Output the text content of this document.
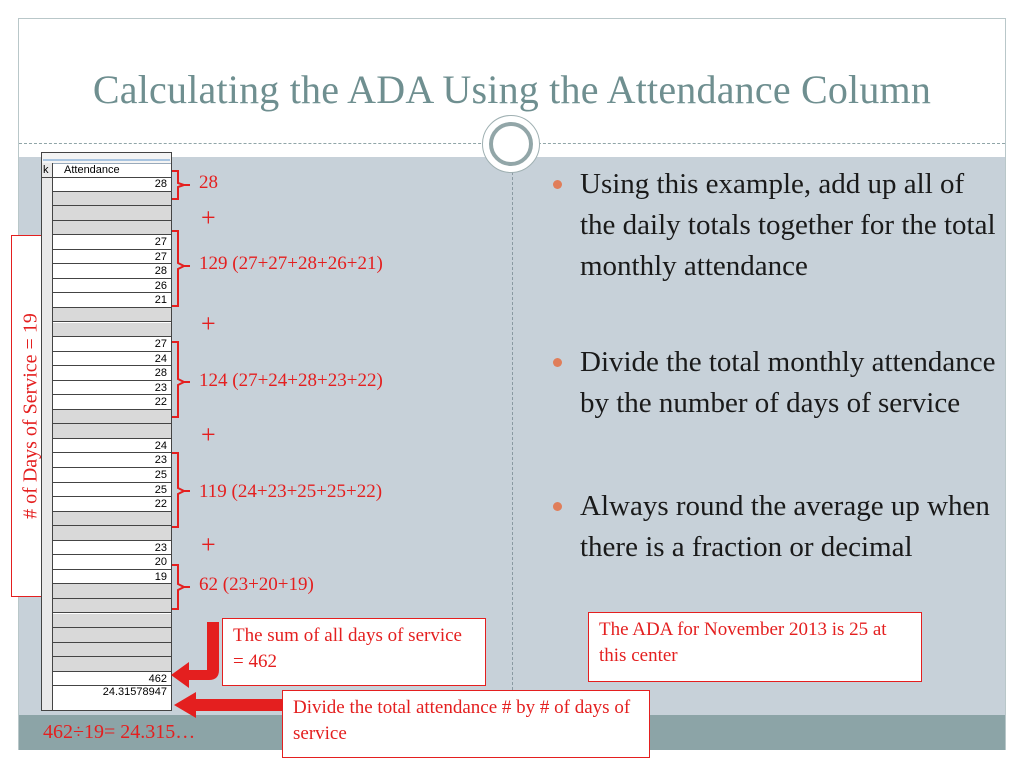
Calculating the ADA Using the Attendance Column
# of Days of Service = 19
k Attendance
28
27
27
28
26
21
27
24
28
23
22
24
23
25
25
22
23
20
19
462
24.31578947
28
+
129 (27+27+28+26+21)
+
124 (27+24+28+23+22)
+
119 (24+23+25+25+22)
+
62 (23+20+19)
Using this example, add up all of the daily totals together for the total monthly attendance
Divide the total monthly attendance by the number of days of service
Always round the average up when there is a fraction or decimal
The sum of all days of service = 462
Divide the total attendance # by # of days of service
The ADA for November 2013 is 25 at this center
462÷19= 24.315…
